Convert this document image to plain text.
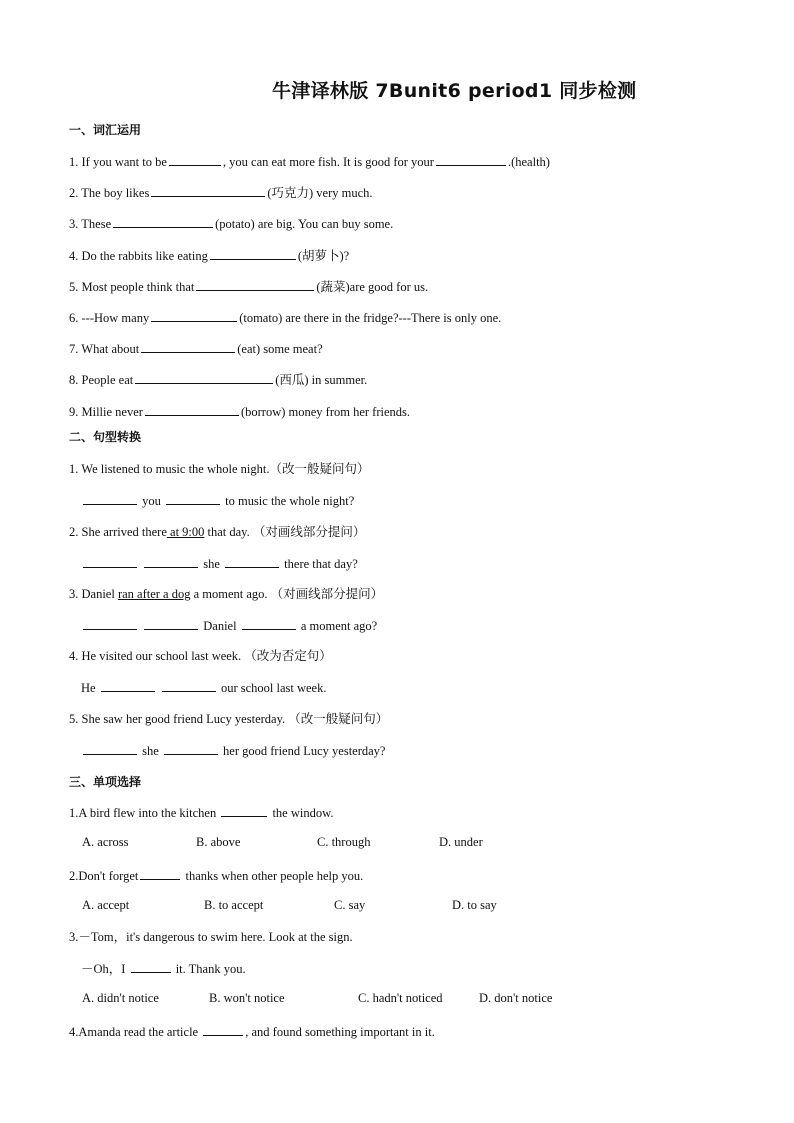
牛津译林版 7Bunit6 period1 同步检测
一、词汇运用
1. If you want to be	, you can eat more fish. It is good for your	.(health)
2. The boy likes	(巧克力) very much.
3. These	(potato) are big. You can buy some.
4. Do the rabbits like eating	(胡萝卜)?
5. Most people think that	(蔬菜)are good for us.
6. ---How many	(tomato) are there in the fridge?---There is only one.
7. What about	(eat) some meat?
8. People eat	(西瓜) in summer.
9. Millie never	(borrow) money from her friends.
二、句型转换
1. We listened to music the whole night.（改一般疑问句）
you	to music the whole night?
2. She arrived there at 9:00 that day. （对画线部分提问）
she	there that day?
3. Daniel ran after a dog a moment ago. （对画线部分提问）
Daniel	a moment ago?
4. He visited our school last week. （改为否定句）
He	our school last week.
5. She saw her good friend Lucy yesterday. （改一般疑问句）
she	her good friend Lucy yesterday?
三、单项选择
1.A bird flew into the kitchen	the window.
A. across	B. above	C. through	D. under
2.Don't forget	thanks when other people help you.
A. accept	B. to accept	C. say	D. to say
3.－Tom，it's dangerous to swim here. Look at the sign.
－Oh，I	it. Thank you.
A. didn't notice	B. won't notice	C. hadn't noticed	D. don't notice
4.Amanda read the article	, and found something important in it.
